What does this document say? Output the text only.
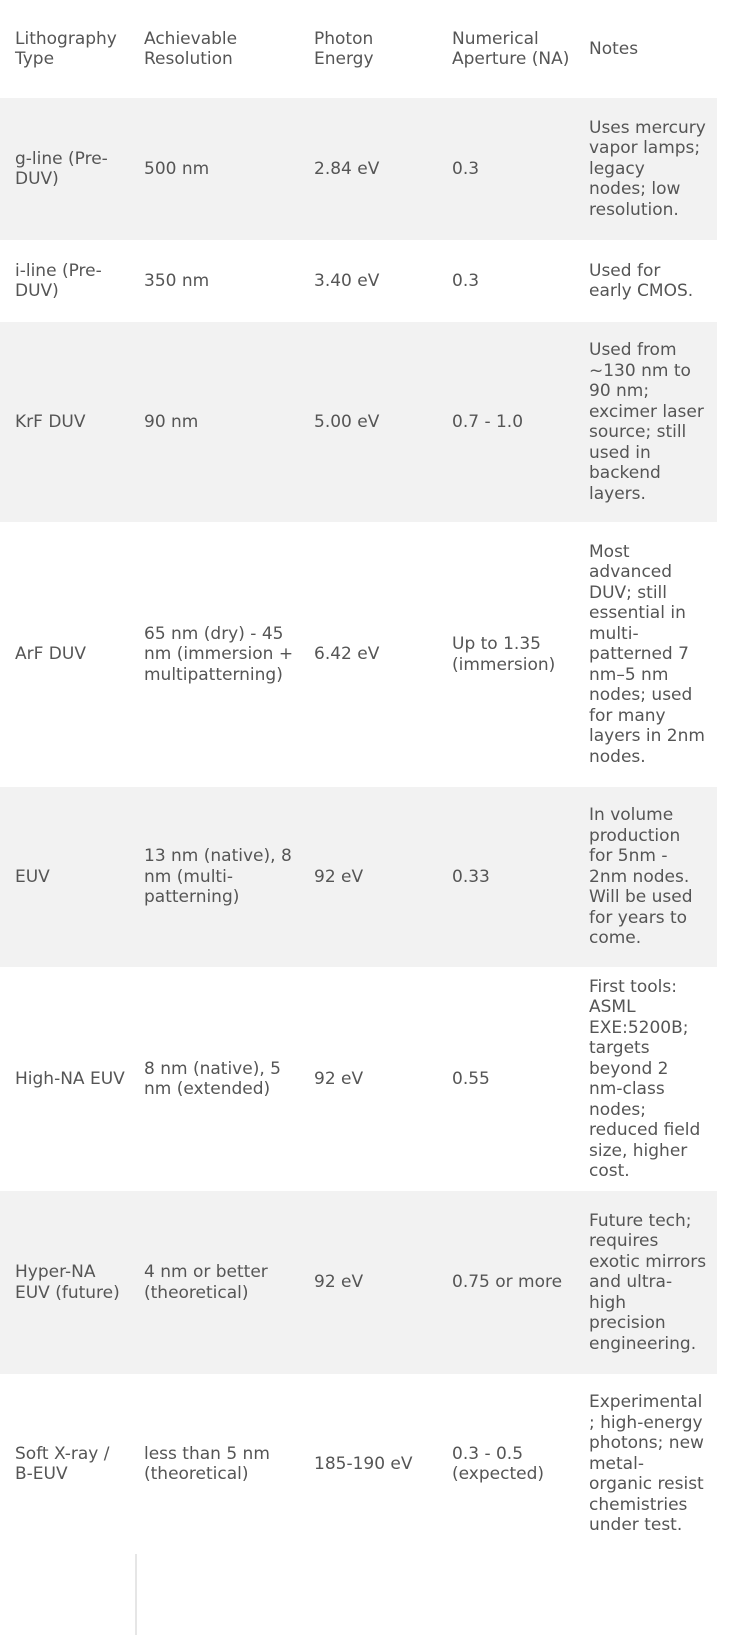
Lithography Type	Achievable Resolution	Photon Energy	Numerical Aperture (NA)	Notes
g-line (Pre-DUV)	500 nm	2.84 eV	0.3	Uses mercury vapor lamps; legacy nodes; low resolution.
i-line (Pre-DUV)	350 nm	3.40 eV	0.3	Used for early CMOS.
KrF DUV	90 nm	5.00 eV	0.7 - 1.0	Used from ~130 nm to 90 nm; excimer laser source; still used in backend layers.
ArF DUV	65 nm (dry) - 45 nm (immersion + multipatterning)	6.42 eV	Up to 1.35 (immersion)	Most advanced DUV; still essential in multi-patterned 7 nm–5 nm nodes; used for many layers in 2nm nodes.
EUV	13 nm (native), 8 nm (multi-patterning)	92 eV	0.33	In volume production for 5nm - 2nm nodes. Will be used for years to come.
High-NA EUV	8 nm (native), 5 nm (extended)	92 eV	0.55	First tools: ASML EXE:5200B; targets beyond 2 nm-class nodes; reduced field size, higher cost.
Hyper-NA EUV (future)	4 nm or better (theoretical)	92 eV	0.75 or more	Future tech; requires exotic mirrors and ultra-high precision engineering.
Soft X-ray / B-EUV	less than 5 nm (theoretical)	185-190 eV	0.3 - 0.5 (expected)	Experimental; high-energy photons; new metal-organic resist chemistries under test.
